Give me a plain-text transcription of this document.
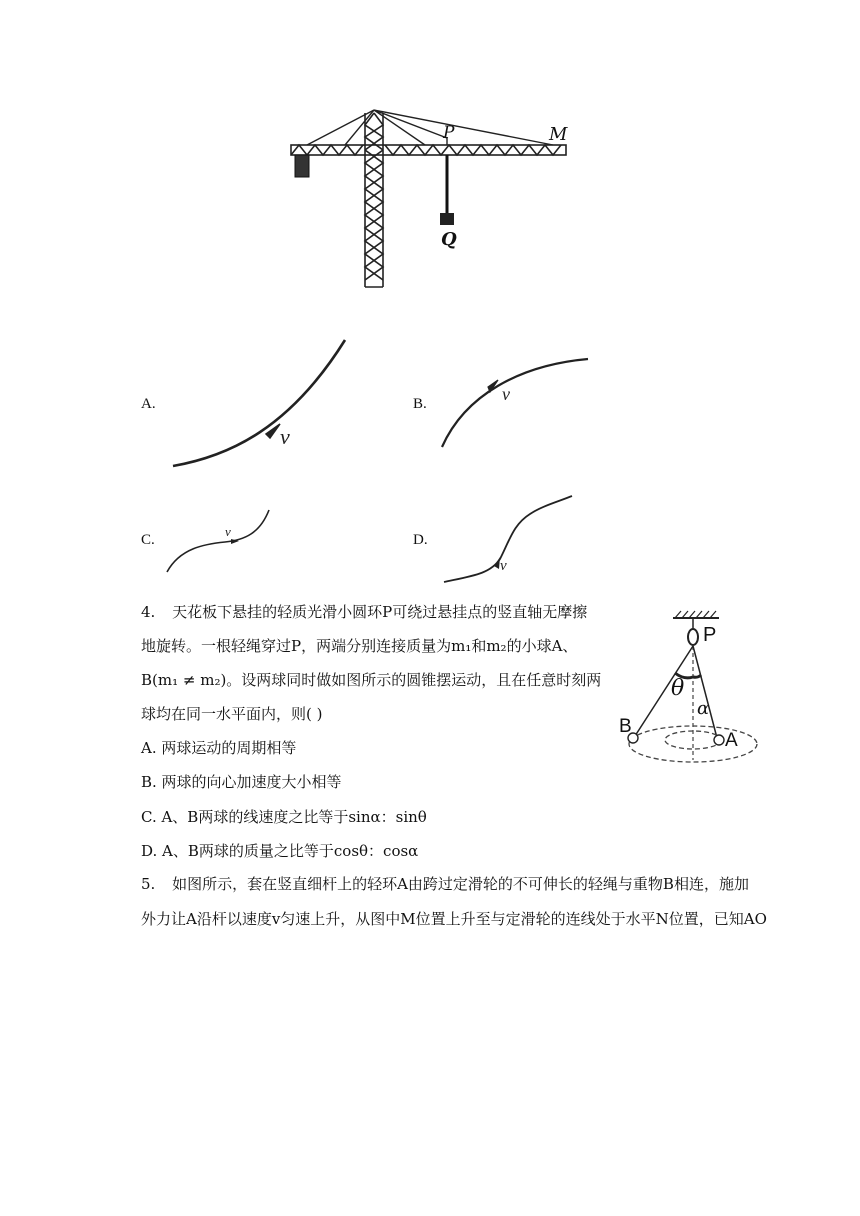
P	M
Q
A.
v
B.	v
C.
v
D.
v
4. 天花板下悬挂的轻质光滑小圆环P可绕过悬挂点的竖直轴无摩擦
地旋转。一根轻绳穿过P，两端分别连接质量为m₁和m₂的小球A、
B(m₁ ≠ m₂)。设两球同时做如图所示的圆锥摆运动，且在任意时刻两
球均在同一水平面内，则( )
A. 两球运动的周期相等
B. 两球的向心加速度大小相等
C. A、B两球的线速度之比等于sinα：sinθ
D. A、B两球的质量之比等于cosθ：cosα
P
θ
α
B
A
5. 如图所示，套在竖直细杆上的轻环A由跨过定滑轮的不可伸长的轻绳与重物B相连，施加
外力让A沿杆以速度v匀速上升，从图中M位置上升至与定滑轮的连线处于水平N位置，已知AO
